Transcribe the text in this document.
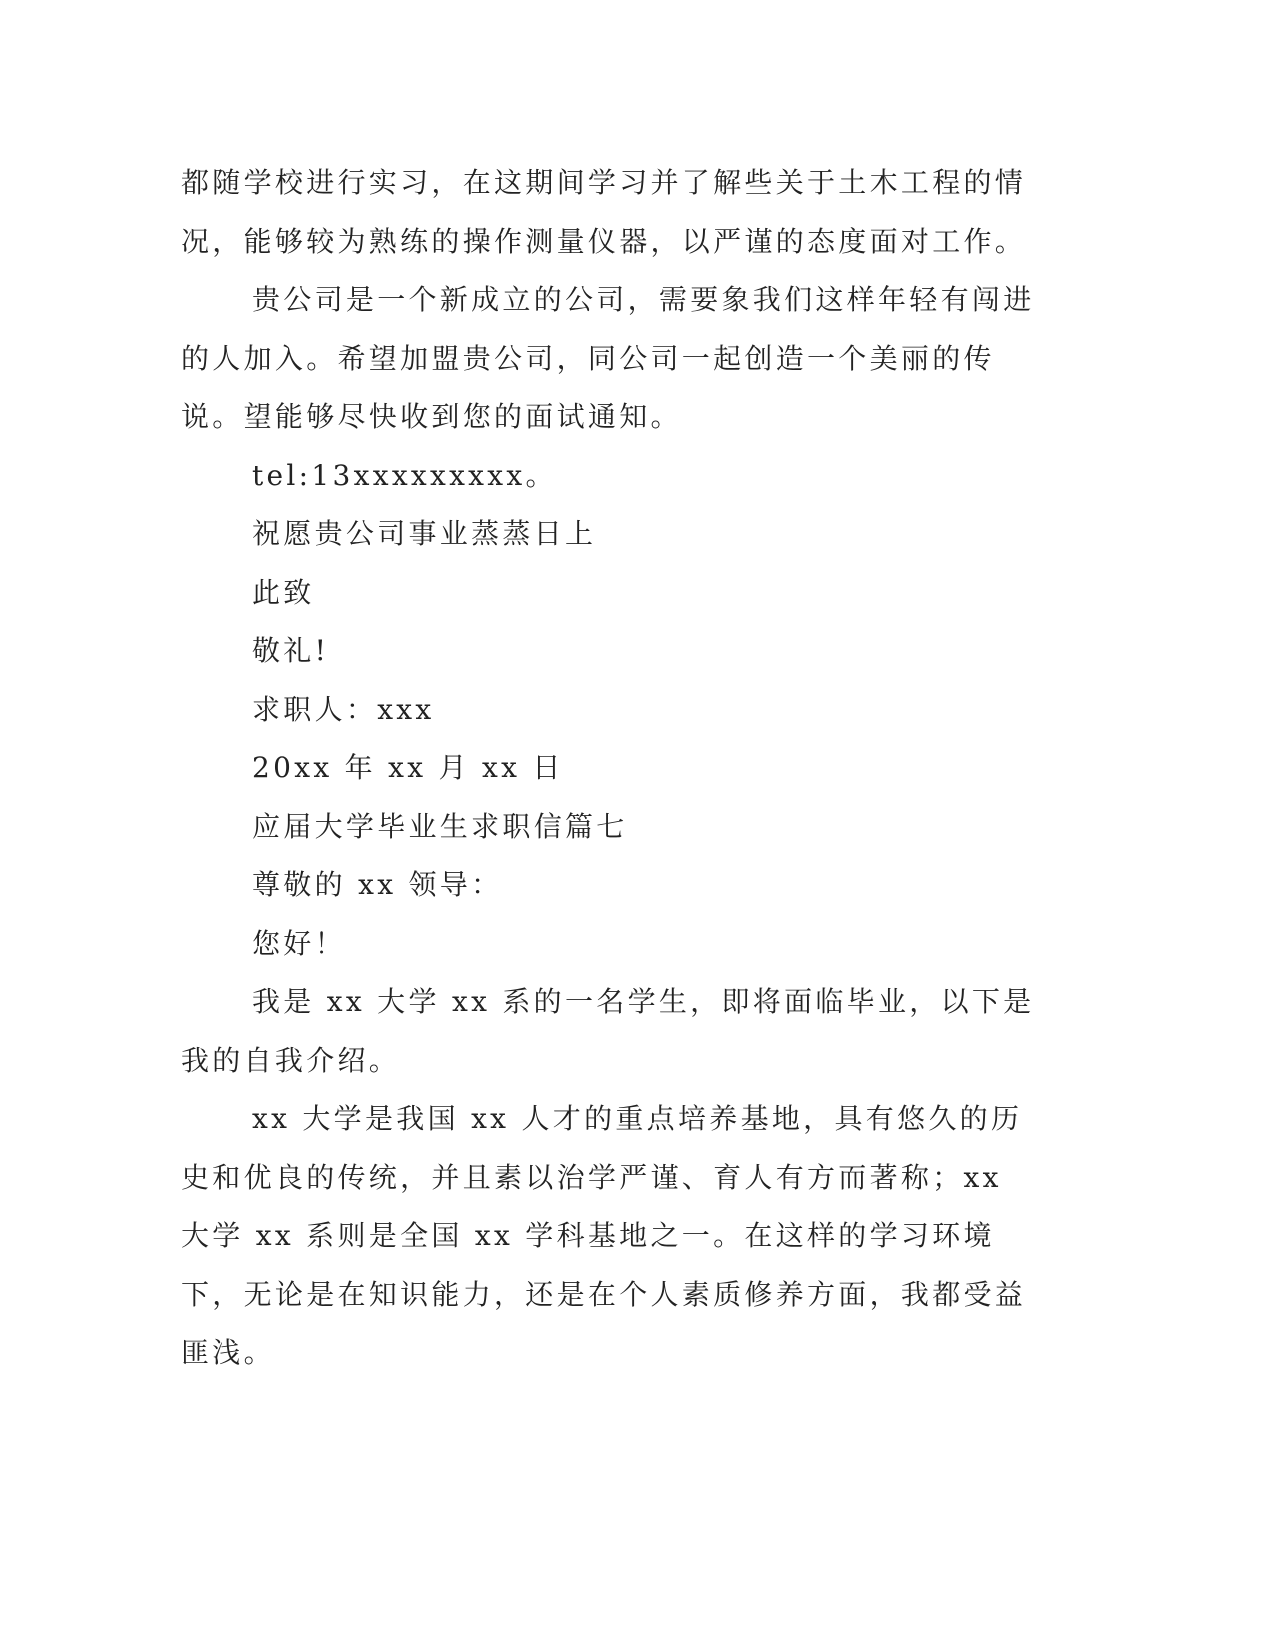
都随学校进行实习，在这期间学习并了解些关于土木工程的情况，能够较为熟练的操作测量仪器，以严谨的态度面对工作。

贵公司是一个新成立的公司，需要象我们这样年轻有闯进的人加入。希望加盟贵公司，同公司一起创造一个美丽的传说。望能够尽快收到您的面试通知。

tel:13xxxxxxxxx。

祝愿贵公司事业蒸蒸日上

此致

敬礼!

求职人：xxx

20xx 年 xx 月 xx 日

应届大学毕业生求职信篇七

尊敬的 xx 领导：

您好！

我是 xx 大学 xx 系的一名学生，即将面临毕业，以下是我的自我介绍。

xx 大学是我国 xx 人才的重点培养基地，具有悠久的历史和优良的传统，并且素以治学严谨、育人有方而著称；xx 大学 xx 系则是全国 xx 学科基地之一。在这样的学习环境下，无论是在知识能力，还是在个人素质修养方面，我都受益匪浅。
